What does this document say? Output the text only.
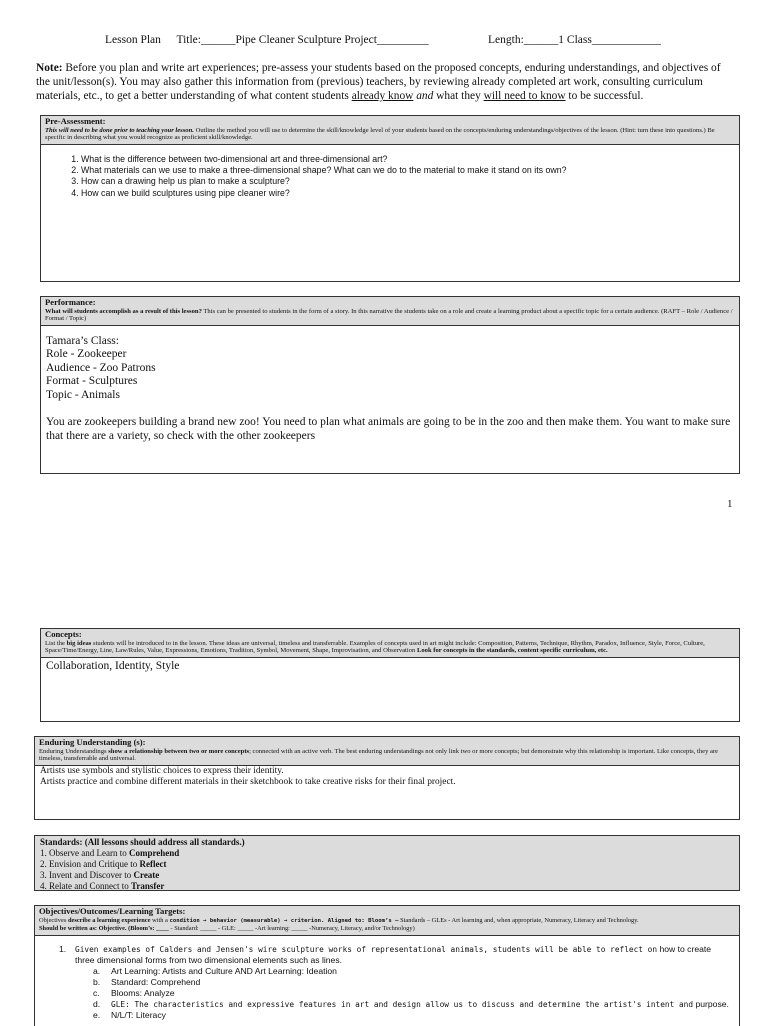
Lesson Plan Title:______Pipe Cleaner Sculpture Project_________	Length:______1 Class____________
Note: Before you plan and write art experiences; pre-assess your students based on the proposed concepts, enduring understandings, and objectives of the unit/lesson(s). You may also gather this information from (previous) teachers, by reviewing already completed art work, consulting curriculum materials, etc., to get a better understanding of what content students already know and what they will need to know to be successful.
Pre-Assessment:
This will need to be done prior to teaching your lesson. Outline the method you will use to determine the skill/knowledge level of your students based on the concepts/enduring understandings/objectives of the lesson. (Hint: turn these into questions.) Be specific in describing what you would recognize as proficient skill/knowledge.
1. What is the difference between two-dimensional art and three-dimensional art?
2. What materials can we use to make a three-dimensional shape? What can we do to the material to make it stand on its own?
3. How can a drawing help us plan to make a sculpture?
4. How can we build sculptures using pipe cleaner wire?
Performance:
What will students accomplish as a result of this lesson? This can be presented to students in the form of a story. In this narrative the students take on a role and create a learning product about a specific topic for a certain audience. (RAFT – Role / Audience / Format / Topic)
Tamara’s Class:
Role - Zookeeper
Audience - Zoo Patrons
Format - Sculptures
Topic - Animals
You are zookeepers building a brand new zoo! You need to plan what animals are going to be in the zoo and then make them. You want to make sure that there are a variety, so check with the other zookeepers
1
Concepts:
List the big ideas students will be introduced to in the lesson. These ideas are universal, timeless and transferrable. Examples of concepts used in art might include: Composition, Patterns, Technique, Rhythm, Paradox, Influence, Style, Force, Culture, Space/Time/Energy, Line, Law/Rules, Value, Expressions, Emotions, Tradition, Symbol, Movement, Shape, Improvisation, and Observation Look for concepts in the standards, content specific curriculum, etc.
Collaboration, Identity, Style
Enduring Understanding (s):
Enduring Understandings show a relationship between two or more concepts; connected with an active verb. The best enduring understandings not only link two or more concepts; but demonstrate why this relationship is important. Like concepts, they are timeless, transferrable and universal.
Artists use symbols and stylistic choices to express their identity.
Artists practice and combine different materials in their sketchbook to take creative risks for their final project.
Standards: (All lessons should address all standards.)
1. Observe and Learn to Comprehend
2. Envision and Critique to Reflect
3. Invent and Discover to Create
4. Relate and Connect to Transfer
Objectives/Outcomes/Learning Targets:
Objectives describe a learning experience with a condition → behavior (measurable) → criterion. Aligned to: Bloom’s – Standards – GLEs - Art learning and, when appropriate, Numeracy, Literacy and Technology.
Should be written as: Objective. (Bloom’s: ____ - Standard: _____ - GLE: _____ -Art learning: _____ -Numeracy, Literacy, and/or Technology)
1. Given examples of Calders and Jensen's wire sculpture works of representational animals, students will be able to reflect on how to create three dimensional forms from two dimensional elements such as lines.
a. Art Learning: Artists and Culture AND Art Learning: Ideation
b. Standard: Comprehend
c. Blooms: Analyze
d. GLE: The characteristics and expressive features in art and design allow us to discuss and determine the artist's intent and purpose.
e. N/L/T: Literacy
